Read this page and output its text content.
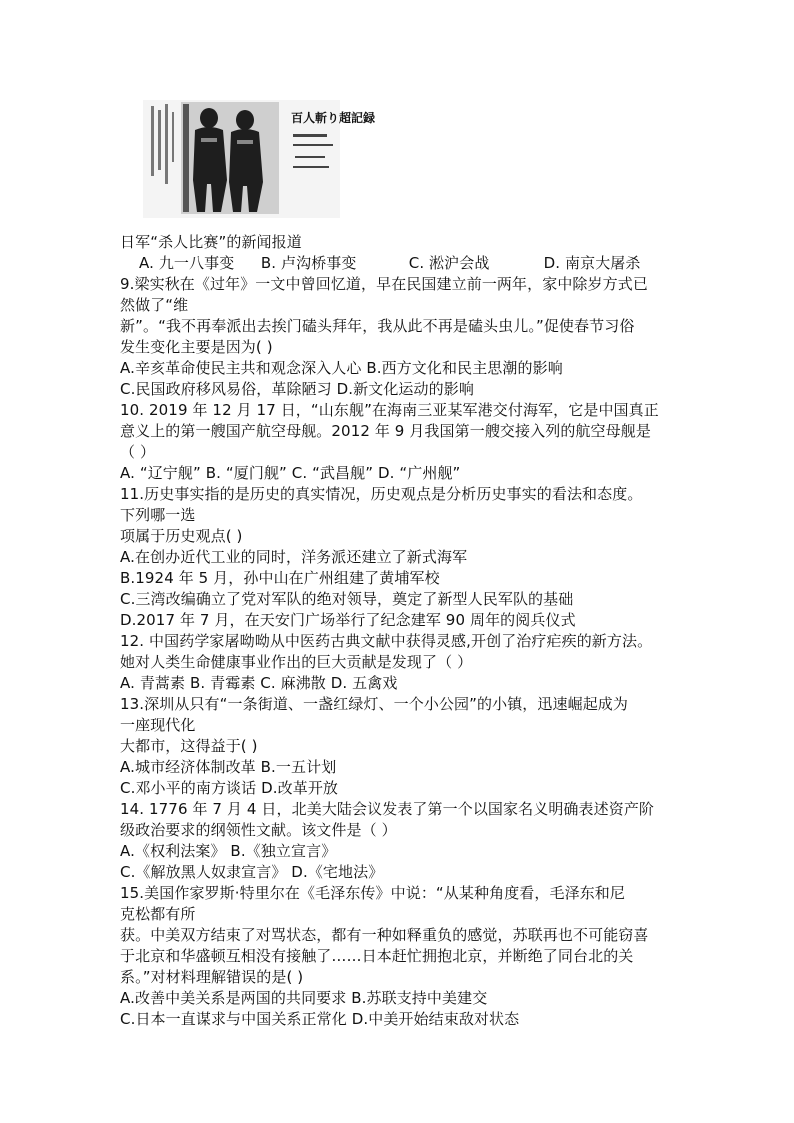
百人斬り超記録
日军“杀人比赛”的新闻报道
A. 九一八事变 B. 卢沟桥事变	C. 淞沪会战	D. 南京大屠杀
9.梁实秋在《过年》一文中曾回忆道，早在民国建立前一两年，家中除岁方式已
然做了“维
新”。“我不再奉派出去挨门磕头拜年，我从此不再是磕头虫儿。”促使春节习俗
发生变化主要是因为( )
A.辛亥革命使民主共和观念深入人心 B.西方文化和民主思潮的影响
C.民国政府移风易俗，革除陋习 D.新文化运动的影响
10. 2019 年 12 月 17 日，“山东舰”在海南三亚某军港交付海军，它是中国真正
意义上的第一艘国产航空母舰。2012 年 9 月我国第一艘交接入列的航空母舰是
（ ）
A. “辽宁舰” B. “厦门舰” C. “武昌舰” D. “广州舰”
11.历史事实指的是历史的真实情况，历史观点是分析历史事实的看法和态度。
下列哪一选
项属于历史观点( )
A.在创办近代工业的同时，洋务派还建立了新式海军
B.1924 年 5 月，孙中山在广州组建了黄埔军校
C.三湾改编确立了党对军队的绝对领导，奠定了新型人民军队的基础
D.2017 年 7 月，在天安门广场举行了纪念建军 90 周年的阅兵仪式
12. 中国药学家屠呦呦从中医药古典文献中获得灵感,开创了治疗疟疾的新方法。
她对人类生命健康事业作出的巨大贡献是发现了（ ）
A. 青蒿素 B. 青霉素 C. 麻沸散 D. 五禽戏
13.深圳从只有“一条街道、一盏红绿灯、一个小公园”的小镇，迅速崛起成为
一座现代化
大都市，这得益于( )
A.城市经济体制改革 B.一五计划
C.邓小平的南方谈话 D.改革开放
14. 1776 年 7 月 4 日，北美大陆会议发表了第一个以国家名义明确表述资产阶
级政治要求的纲领性文献。该文件是（ ）
A.《权利法案》 B.《独立宣言》
C.《解放黑人奴隶宣言》 D.《宅地法》
15.美国作家罗斯·特里尔在《毛泽东传》中说：“从某种角度看，毛泽东和尼
克松都有所
获。中美双方结束了对骂状态，都有一种如释重负的感觉，苏联再也不可能窃喜
于北京和华盛顿互相没有接触了……日本赶忙拥抱北京，并断绝了同台北的关
系。”对材料理解错误的是( )
A.改善中美关系是两国的共同要求 B.苏联支持中美建交
C.日本一直谋求与中国关系正常化 D.中美开始结束敌对状态
